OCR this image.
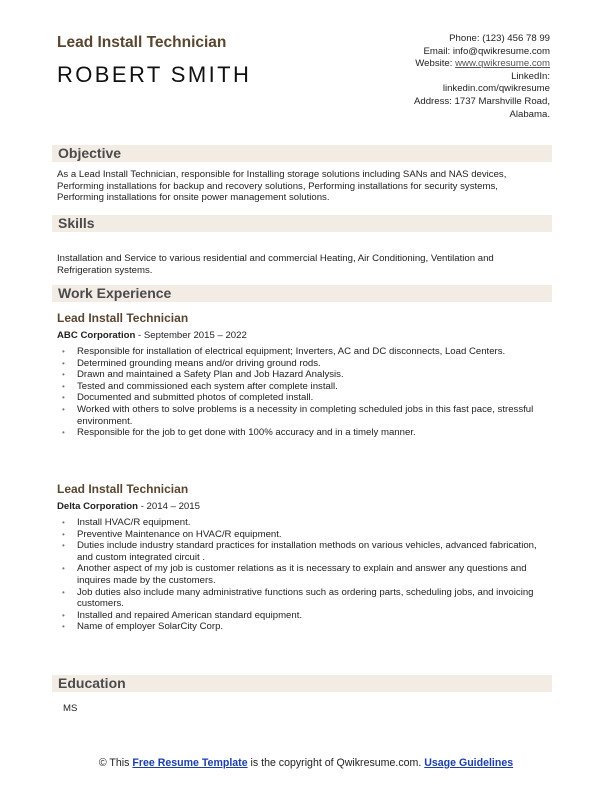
Lead Install Technician
ROBERT SMITH
Phone: (123) 456 78 99
Email: info@qwikresume.com
Website: www.qwikresume.com
LinkedIn:
linkedin.com/qwikresume
Address: 1737 Marshville Road,
Alabama.
Objective
As a Lead Install Technician, responsible for Installing storage solutions including SANs and NAS devices, Performing installations for backup and recovery solutions, Performing installations for security systems, Performing installations for onsite power management solutions.
Skills
Installation and Service to various residential and commercial Heating, Air Conditioning, Ventilation and Refrigeration systems.
Work Experience
Lead Install Technician
ABC Corporation - September 2015 – 2022
• Responsible for installation of electrical equipment; Inverters, AC and DC disconnects, Load Centers.
• Determined grounding means and/or driving ground rods.
• Drawn and maintained a Safety Plan and Job Hazard Analysis.
• Tested and commissioned each system after complete install.
• Documented and submitted photos of completed install.
• Worked with others to solve problems is a necessity in completing scheduled jobs in this fast pace, stressful environment.
• Responsible for the job to get done with 100% accuracy and in a timely manner.
Lead Install Technician
Delta Corporation - 2014 – 2015
• Install HVAC/R equipment.
• Preventive Maintenance on HVAC/R equipment.
• Duties include industry standard practices for installation methods on various vehicles, advanced fabrication, and custom integrated circuit .
• Another aspect of my job is customer relations as it is necessary to explain and answer any questions and inquires made by the customers.
• Job duties also include many administrative functions such as ordering parts, scheduling jobs, and invoicing customers.
• Installed and repaired American standard equipment.
• Name of employer SolarCity Corp.
Education
MS
© This Free Resume Template is the copyright of Qwikresume.com. Usage Guidelines
